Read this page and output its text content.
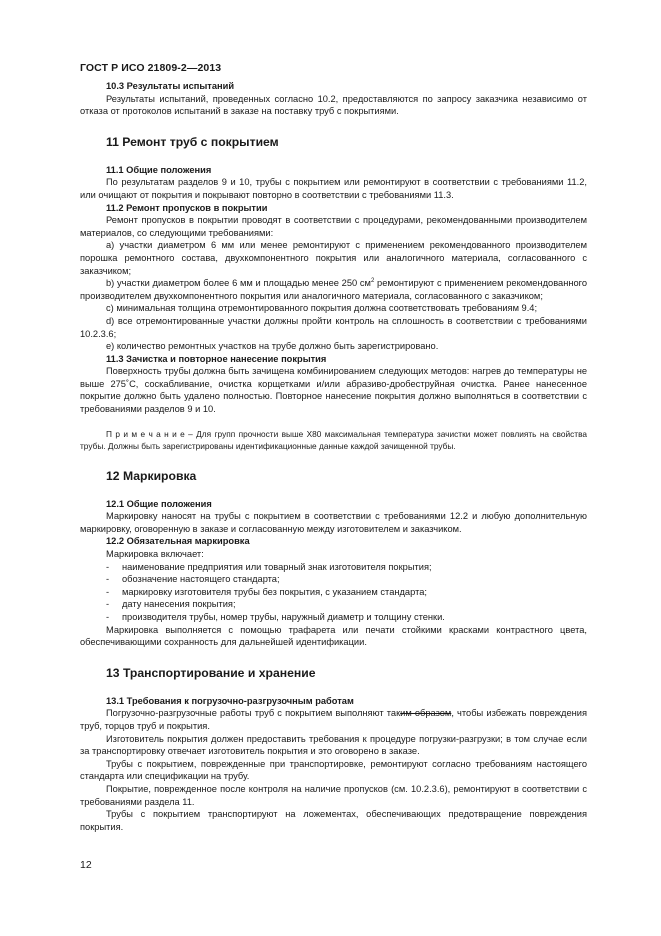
ГОСТ Р ИСО 21809-2—2013

10.3 Результаты испытаний

Результаты испытаний, проведенных согласно 10.2, предоставляются по запросу заказчика независимо от отказа от протоколов испытаний в заказе на поставку труб с покрытиями.

11 Ремонт труб с покрытием

11.1 Общие положения

По результатам разделов 9 и 10, трубы с покрытием или ремонтируют в соответствии с требованиями 11.2, или очищают от покрытия и покрывают повторно в соответствии с требованиями 11.3.

11.2 Ремонт пропусков в покрытии

Ремонт пропусков в покрытии проводят в соответствии с процедурами, рекомендованными производителем материалов, со следующими требованиями:

а) участки диаметром 6 мм или менее ремонтируют с применением рекомендованного производителем порошка ремонтного состава, двухкомпонентного покрытия или аналогичного материала, согласованного с заказчиком;

b) участки диаметром более 6 мм и площадью менее 250 $см^2$ ремонтируют с применением рекомендованного производителем двухкомпонентного покрытия или аналогичного материала, согласованного с заказчиком;

с) минимальная толщина отремонтированного покрытия должна соответствовать требованиям 9.4;

d) все отремонтированные участки должны пройти контроль на сплошность в соответствии с требованиями 10.2.3.6;

е) количество ремонтных участков на трубе должно быть зарегистрировано.

11.3 Зачистка и повторное нанесение покрытия

Поверхность трубы должна быть зачищена комбинированием следующих методов: нагрев до температуры не выше 275˚С, соскабливание, очистка корщетками и/или абразиво-дробеструйная очистка. Ранее нанесенное покрытие должно быть удалено полностью. Повторное нанесение покрытия должно выполняться в соответствии с требованиями разделов 9 и 10.

П р и м е ч а н и е – Для групп прочности выше Х80 максимальная температура зачистки может повлиять на свойства трубы. Должны быть зарегистрированы идентификационные данные каждой зачищенной трубы.

12 Маркировка

12.1 Общие положения

Маркировку наносят на трубы с покрытием в соответствии с требованиями 12.2 и любую дополнительную маркировку, оговоренную в заказе и согласованную между изготовителем и заказчиком.

12.2 Обязательная маркировка

Маркировка включает:

- наименование предприятия или товарный знак изготовителя покрытия;

- обозначение настоящего стандарта;

- маркировку изготовителя трубы без покрытия, с указанием стандарта;

- дату нанесения покрытия;

- производителя трубы, номер трубы, наружный диаметр и толщину стенки.

Маркировка выполняется с помощью трафарета или печати стойкими красками контрастного цвета, обеспечивающими сохранность для дальнейшей идентификации.

13 Транспортирование и хранение

13.1 Требования к погрузочно-разгрузочным работам

Погрузочно-разгрузочные работы труб с покрытием выполняют таким образом, чтобы избежать повреждения труб, торцов труб и покрытия.

Изготовитель покрытия должен предоставить требования к процедуре погрузки-разгрузки; в том случае если за транспортировку отвечает изготовитель покрытия и это оговорено в заказе.

Трубы с покрытием, поврежденные при транспортировке, ремонтируют согласно требованиям настоящего стандарта или спецификации на трубу.

Покрытие, поврежденное после контроля на наличие пропусков (см. 10.2.3.6), ремонтируют в соответствии с требованиями раздела 11.

Трубы с покрытием транспортируют на ложементах, обеспечивающих предотвращение повреждения покрытия.

12
